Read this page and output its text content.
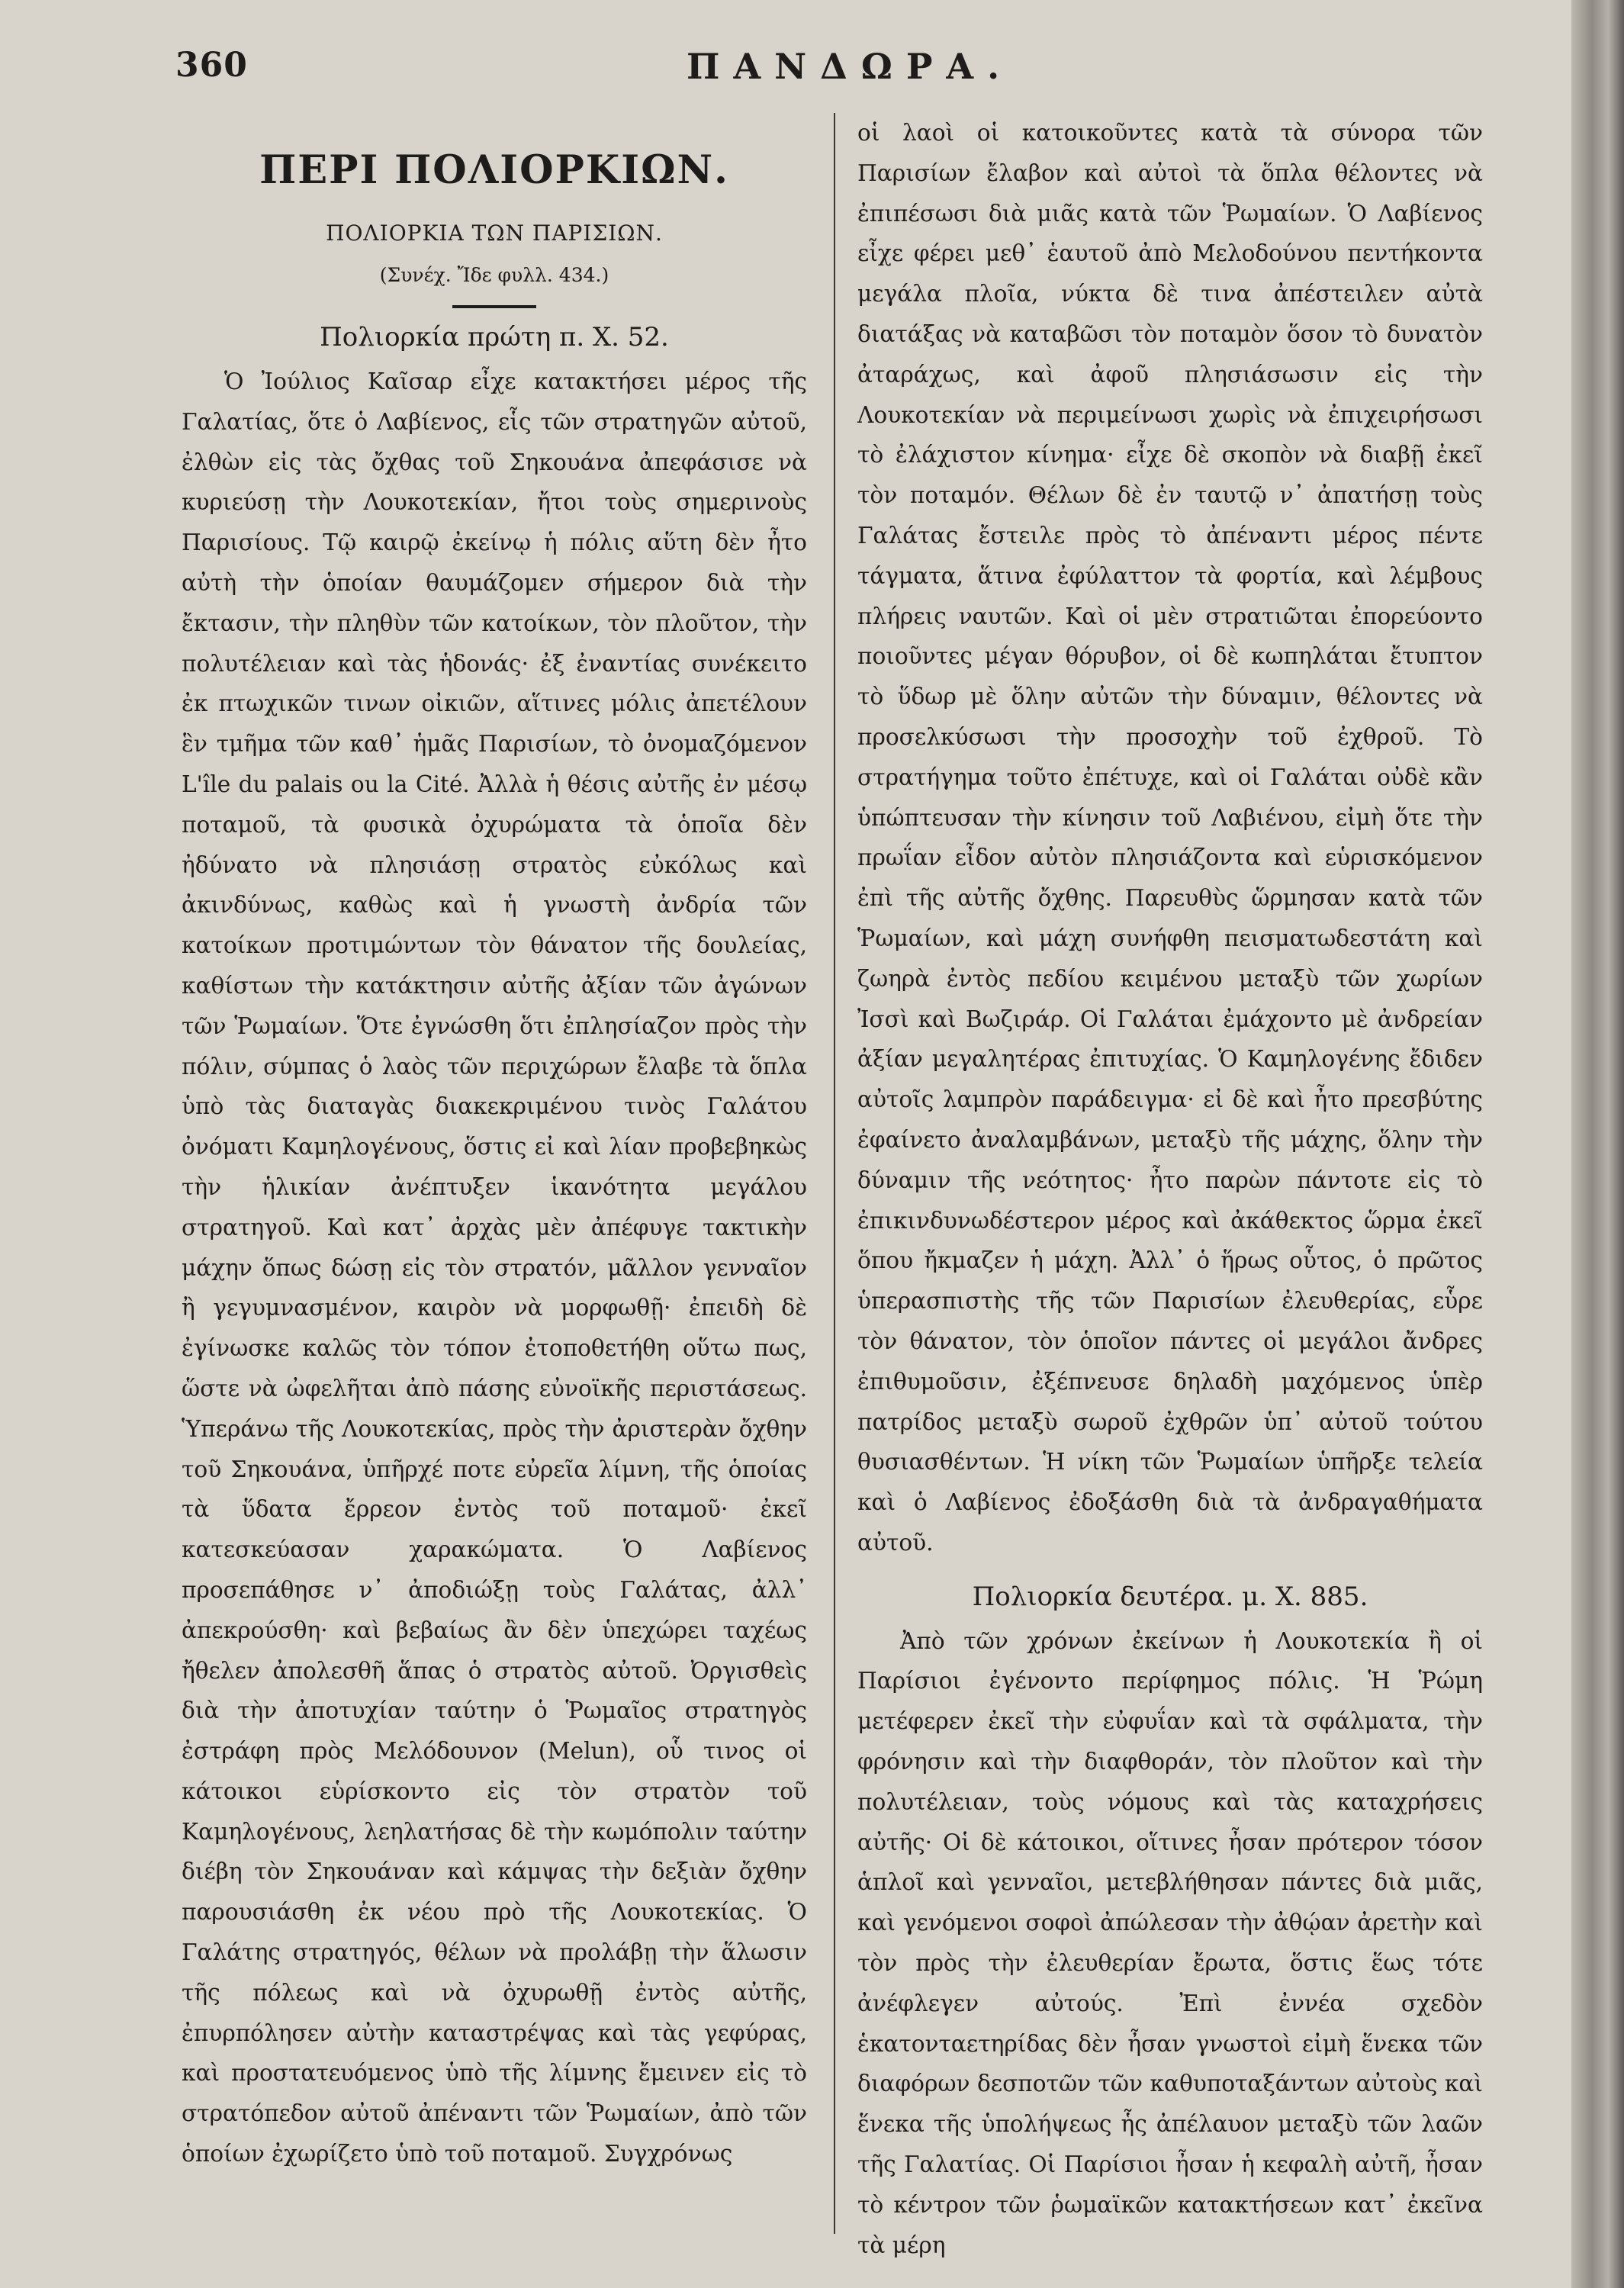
360	ΠΑΝΔΩΡΑ.
ΠΕΡΙ ΠΟΛΙΟΡΚΙΩΝ.
ΠΟΛΙΟΡΚΙΑ ΤΩΝ ΠΑΡΙΣΙΩΝ.
(Συνέχ. Ἴδε φυλλ. 434.)
Πολιορκία πρώτη π. Χ. 52.

Ὁ Ἰούλιος Καῖσαρ εἶχε κατακτήσει μέρος τῆς Γαλατίας, ὅτε ὁ Λαβίενος, εἷς τῶν στρατηγῶν αὐτοῦ, ἐλθὼν εἰς τὰς ὄχθας τοῦ Σηκουάνα ἀπεφάσισε νὰ κυριεύσῃ τὴν Λουκοτεκίαν, ἤτοι τοὺς σημερινοὺς Παρισίους. Τῷ καιρῷ ἐκείνῳ ἡ πόλις αὕτη δὲν ἦτο αὐτὴ τὴν ὁποίαν θαυμάζομεν σήμερον διὰ τὴν ἔκτασιν, τὴν πληθὺν τῶν κατοίκων, τὸν πλοῦτον, τὴν πολυτέλειαν καὶ τὰς ἡδονάς· ἐξ ἐναντίας συνέκειτο ἐκ πτωχικῶν τινων οἰκιῶν, αἵτινες μόλις ἀπετέλουν ἓν τμῆμα τῶν καθ᾽ ἡμᾶς Παρισίων, τὸ ὀνομαζόμενον L'île du palais ou la Cité. Ἀλλὰ ἡ θέσις αὐτῆς ἐν μέσῳ ποταμοῦ, τὰ φυσικὰ ὀχυρώματα τὰ ὁποῖα δὲν ἠδύνατο νὰ πλησιάσῃ στρατὸς εὐκόλως καὶ ἀκινδύνως, καθὼς καὶ ἡ γνωστὴ ἀνδρία τῶν κατοίκων προτιμώντων τὸν θάνατον τῆς δουλείας, καθίστων τὴν κατάκτησιν αὐτῆς ἀξίαν τῶν ἀγώνων τῶν Ῥωμαίων. Ὅτε ἐγνώσθη ὅτι ἐπλησίαζον πρὸς τὴν πόλιν, σύμπας ὁ λαὸς τῶν περιχώρων ἔλαβε τὰ ὅπλα ὑπὸ τὰς διαταγὰς διακεκριμένου τινὸς Γαλάτου ὀνόματι Καμηλογένους, ὅστις εἰ καὶ λίαν προβεβηκὼς τὴν ἡλικίαν ἀνέπτυξεν ἱκανότητα μεγάλου στρατηγοῦ. Καὶ κατ᾽ ἀρχὰς μὲν ἀπέφυγε τακτικὴν μάχην ὅπως δώσῃ εἰς τὸν στρατόν, μᾶλλον γενναῖον ἢ γεγυμνασμένον, καιρὸν νὰ μορφωθῇ· ἐπειδὴ δὲ ἐγίνωσκε καλῶς τὸν τόπον ἐτοποθετήθη οὕτω πως, ὥστε νὰ ὠφελῆται ἀπὸ πάσης εὐνοϊκῆς περιστάσεως. Ὑπεράνω τῆς Λουκοτεκίας, πρὸς τὴν ἀριστερὰν ὄχθην τοῦ Σηκουάνα, ὑπῆρχέ ποτε εὐρεῖα λίμνη, τῆς ὁποίας τὰ ὕδατα ἔρρεον ἐντὸς τοῦ ποταμοῦ· ἐκεῖ κατεσκεύασαν χαρακώματα. Ὁ Λαβίενος προσεπάθησε ν᾽ ἀποδιώξῃ τοὺς Γαλάτας, ἀλλ᾽ ἀπεκρούσθη· καὶ βεβαίως ἂν δὲν ὑπεχώρει ταχέως ἤθελεν ἀπολεσθῆ ἅπας ὁ στρατὸς αὐτοῦ. Ὀργισθεὶς διὰ τὴν ἀποτυχίαν ταύτην ὁ Ῥωμαῖος στρατηγὸς ἐστράφη πρὸς Μελόδουνον (Melun), οὗ τινος οἱ κάτοικοι εὑρίσκοντο εἰς τὸν στρατὸν τοῦ Καμηλογένους, λεηλατήσας δὲ τὴν κωμόπολιν ταύτην διέβη τὸν Σηκουάναν καὶ κάμψας τὴν δεξιὰν ὄχθην παρουσιάσθη ἐκ νέου πρὸ τῆς Λουκοτεκίας. Ὁ Γαλάτης στρατηγός, θέλων νὰ προλάβῃ τὴν ἅλωσιν τῆς πόλεως καὶ νὰ ὀχυρωθῇ ἐντὸς αὐτῆς, ἐπυρπόλησεν αὐτὴν καταστρέψας καὶ τὰς γεφύρας, καὶ προστατευόμενος ὑπὸ τῆς λίμνης ἔμεινεν εἰς τὸ στρατόπεδον αὐτοῦ ἀπέναντι τῶν Ῥωμαίων, ἀπὸ τῶν ὁποίων ἐχωρίζετο ὑπὸ τοῦ ποταμοῦ. Συγχρόνως

οἱ λαοὶ οἱ κατοικοῦντες κατὰ τὰ σύνορα τῶν Παρισίων ἔλαβον καὶ αὐτοὶ τὰ ὅπλα θέλοντες νὰ ἐπιπέσωσι διὰ μιᾶς κατὰ τῶν Ῥωμαίων. Ὁ Λαβίενος εἶχε φέρει μεθ᾽ ἑαυτοῦ ἀπὸ Μελοδούνου πεντήκοντα μεγάλα πλοῖα, νύκτα δὲ τινα ἀπέστειλεν αὐτὰ διατάξας νὰ καταβῶσι τὸν ποταμὸν ὅσον τὸ δυνατὸν ἀταράχως, καὶ ἀφοῦ πλησιάσωσιν εἰς τὴν Λουκοτεκίαν νὰ περιμείνωσι χωρὶς νὰ ἐπιχειρήσωσι τὸ ἐλάχιστον κίνημα· εἶχε δὲ σκοπὸν νὰ διαβῇ ἐκεῖ τὸν ποταμόν. Θέλων δὲ ἐν ταυτῷ ν᾽ ἀπατήσῃ τοὺς Γαλάτας ἔστειλε πρὸς τὸ ἀπέναντι μέρος πέντε τάγματα, ἅτινα ἐφύλαττον τὰ φορτία, καὶ λέμβους πλήρεις ναυτῶν. Καὶ οἱ μὲν στρατιῶται ἐπορεύοντο ποιοῦντες μέγαν θόρυβον, οἱ δὲ κωπηλάται ἔτυπτον τὸ ὕδωρ μὲ ὅλην αὐτῶν τὴν δύναμιν, θέλοντες νὰ προσελκύσωσι τὴν προσοχὴν τοῦ ἐχθροῦ. Τὸ στρατήγημα τοῦτο ἐπέτυχε, καὶ οἱ Γαλάται οὐδὲ κἂν ὑπώπτευσαν τὴν κίνησιν τοῦ Λαβιένου, εἰμὴ ὅτε τὴν πρωΐαν εἶδον αὐτὸν πλησιάζοντα καὶ εὑρισκόμενον ἐπὶ τῆς αὐτῆς ὄχθης. Παρευθὺς ὥρμησαν κατὰ τῶν Ῥωμαίων, καὶ μάχη συνήφθη πεισματωδεστάτη καὶ ζωηρὰ ἐντὸς πεδίου κειμένου μεταξὺ τῶν χωρίων Ἰσσὶ καὶ Βωζιράρ. Οἱ Γαλάται ἐμάχοντο μὲ ἀνδρείαν ἀξίαν μεγαλητέρας ἐπιτυχίας. Ὁ Καμηλογένης ἔδιδεν αὐτοῖς λαμπρὸν παράδειγμα· εἰ δὲ καὶ ἦτο πρεσβύτης ἐφαίνετο ἀναλαμβάνων, μεταξὺ τῆς μάχης, ὅλην τὴν δύναμιν τῆς νεότητος· ἦτο παρὼν πάντοτε εἰς τὸ ἐπικινδυνωδέστερον μέρος καὶ ἀκάθεκτος ὥρμα ἐκεῖ ὅπου ἤκμαζεν ἡ μάχη. Ἀλλ᾽ ὁ ἥρως οὗτος, ὁ πρῶτος ὑπερασπιστὴς τῆς τῶν Παρισίων ἐλευθερίας, εὗρε τὸν θάνατον, τὸν ὁποῖον πάντες οἱ μεγάλοι ἄνδρες ἐπιθυμοῦσιν, ἐξέπνευσε δηλαδὴ μαχόμενος ὑπὲρ πατρίδος μεταξὺ σωροῦ ἐχθρῶν ὑπ᾽ αὐτοῦ τούτου θυσιασθέντων. Ἡ νίκη τῶν Ῥωμαίων ὑπῆρξε τελεία καὶ ὁ Λαβίενος ἐδοξάσθη διὰ τὰ ἀνδραγαθήματα αὐτοῦ.

Πολιορκία δευτέρα. μ. Χ. 885.

Ἀπὸ τῶν χρόνων ἐκείνων ἡ Λουκοτεκία ἢ οἱ Παρίσιοι ἐγένοντο περίφημος πόλις. Ἡ Ῥώμη μετέφερεν ἐκεῖ τὴν εὐφυΐαν καὶ τὰ σφάλματα, τὴν φρόνησιν καὶ τὴν διαφθοράν, τὸν πλοῦτον καὶ τὴν πολυτέλειαν, τοὺς νόμους καὶ τὰς καταχρήσεις αὐτῆς· Οἱ δὲ κάτοικοι, οἵτινες ἦσαν πρότερον τόσον ἁπλοῖ καὶ γενναῖοι, μετεβλήθησαν πάντες διὰ μιᾶς, καὶ γενόμενοι σοφοὶ ἀπώλεσαν τὴν ἀθῴαν ἀρετὴν καὶ τὸν πρὸς τὴν ἐλευθερίαν ἔρωτα, ὅστις ἕως τότε ἀνέφλεγεν αὐτούς. Ἐπὶ ἐννέα σχεδὸν ἑκατονταετηρίδας δὲν ἦσαν γνωστοὶ εἰμὴ ἕνεκα τῶν διαφόρων δεσποτῶν τῶν καθυποταξάντων αὐτοὺς καὶ ἕνεκα τῆς ὑπολήψεως ἧς ἀπέλαυον μεταξὺ τῶν λαῶν τῆς Γαλατίας. Οἱ Παρίσιοι ἦσαν ἡ κεφαλὴ αὐτῆ, ἦσαν τὸ κέντρον τῶν ῥωμαϊκῶν κατακτήσεων κατ᾽ ἐκεῖνα τὰ μέρη
